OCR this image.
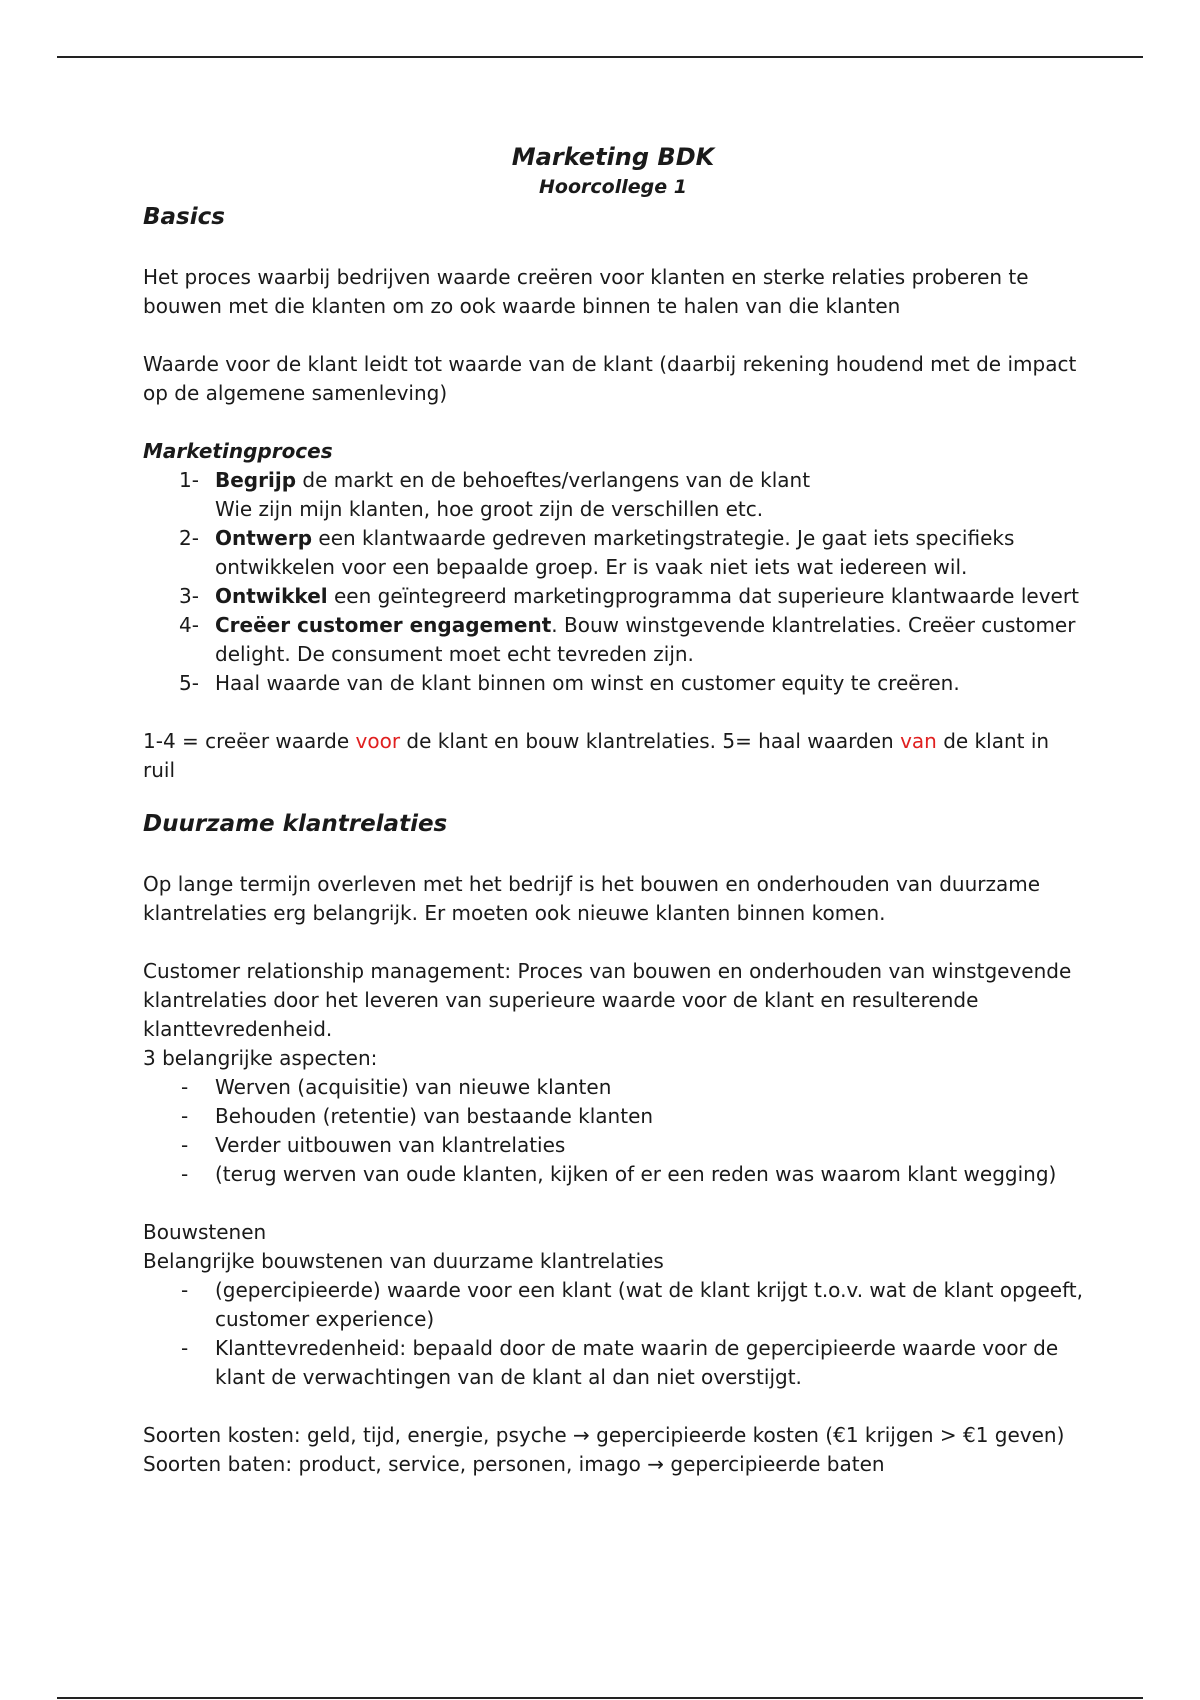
Marketing BDK
Hoorcollege 1
Basics

Het proces waarbij bedrijven waarde creëren voor klanten en sterke relaties proberen te bouwen met die klanten om zo ook waarde binnen te halen van die klanten

Waarde voor de klant leidt tot waarde van de klant (daarbij rekening houdend met de impact op de algemene samenleving)

Marketingproces
1- Begrijp de markt en de behoeftes/verlangens van de klant
Wie zijn mijn klanten, hoe groot zijn de verschillen etc.
2- Ontwerp een klantwaarde gedreven marketingstrategie. Je gaat iets specifieks ontwikkelen voor een bepaalde groep. Er is vaak niet iets wat iedereen wil.
3- Ontwikkel een geïntegreerd marketingprogramma dat superieure klantwaarde levert
4- Creëer customer engagement. Bouw winstgevende klantrelaties. Creëer customer delight. De consument moet echt tevreden zijn.
5- Haal waarde van de klant binnen om winst en customer equity te creëren.

1-4 = creëer waarde voor de klant en bouw klantrelaties. 5= haal waarden van de klant in ruil

Duurzame klantrelaties

Op lange termijn overleven met het bedrijf is het bouwen en onderhouden van duurzame klantrelaties erg belangrijk. Er moeten ook nieuwe klanten binnen komen.

Customer relationship management: Proces van bouwen en onderhouden van winstgevende klantrelaties door het leveren van superieure waarde voor de klant en resulterende klanttevredenheid.

3 belangrijke aspecten:

- Werven (acquisitie) van nieuwe klanten
- Behouden (retentie) van bestaande klanten
- Verder uitbouwen van klantrelaties
- (terug werven van oude klanten, kijken of er een reden was waarom klant wegging)

Bouwstenen

Belangrijke bouwstenen van duurzame klantrelaties

- (gepercipieerde) waarde voor een klant (wat de klant krijgt t.o.v. wat de klant opgeeft, customer experience)
- Klanttevredenheid: bepaald door de mate waarin de gepercipieerde waarde voor de klant de verwachtingen van de klant al dan niet overstijgt.

Soorten kosten: geld, tijd, energie, psyche → gepercipieerde kosten (€1 krijgen > €1 geven)

Soorten baten: product, service, personen, imago → gepercipieerde baten
